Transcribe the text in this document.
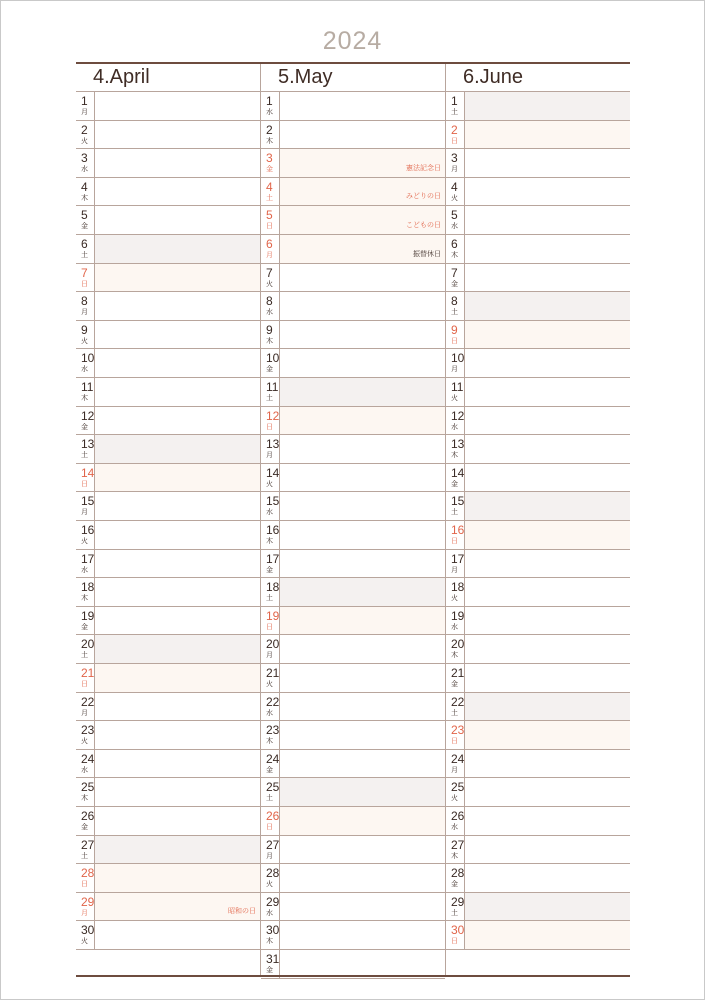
2024
4.April
1
月
2
火
3
水
4
木
5
金
6
土
7
日
8
月
9
火
10
水
11
木
12
金
13
土
14
日
15
月
16
火
17
水
18
木
19
金
20
土
21
日
22
月
23
火
24
水
25
木
26
金
27
土
28
日
29
月	昭和の日
30
火
5.May
1
水
2
木
3
金	憲法記念日
4
土	みどりの日
5
日	こどもの日
6
月	振替休日
7
火
8
水
9
木
10
金
11
土
12
日
13
月
14
火
15
水
16
木
17
金
18
土
19
日
20
月
21
火
22
水
23
木
24
金
25
土
26
日
27
月
28
火
29
水
30
木
31
金
6.June
1
土
2
日
3
月
4
火
5
水
6
木
7
金
8
土
9
日
10
月
11
火
12
水
13
木
14
金
15
土
16
日
17
月
18
火
19
水
20
木
21
金
22
土
23
日
24
月
25
火
26
水
27
木
28
金
29
土
30
日
